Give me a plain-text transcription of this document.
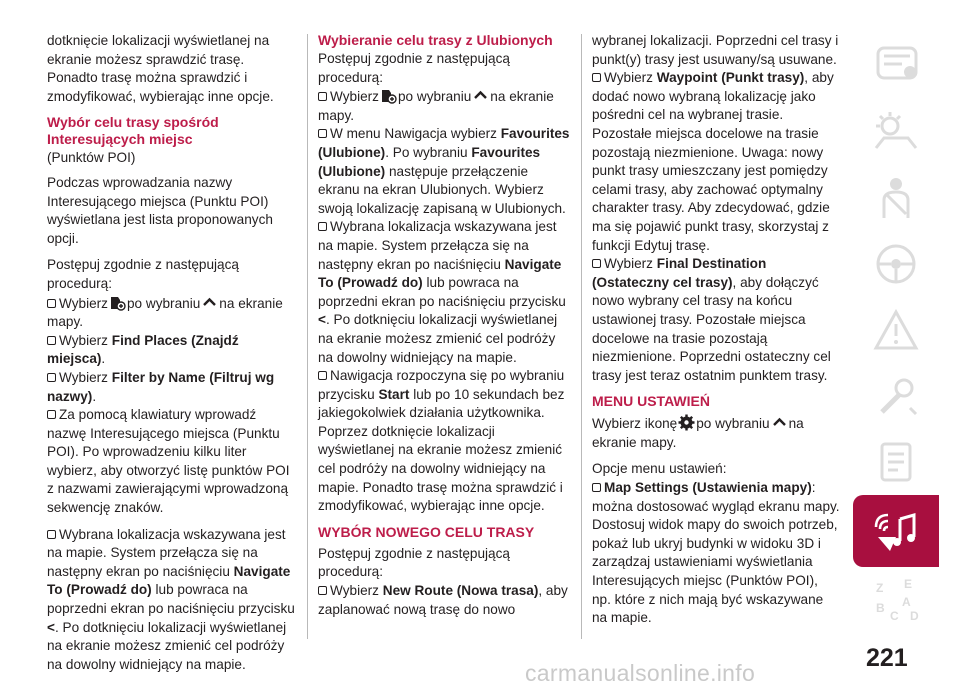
dotknięcie lokalizacji wyświetlanej na ekranie możesz sprawdzić trasę. Ponadto trasę można sprawdzić i zmodyfikować, wybierając inne opcje.

Wybór celu trasy spośród Interesujących miejsc

(Punktów POI)

Podczas wprowadzania nazwy Interesującego miejsca (Punktu POI) wyświetlana jest lista proponowanych opcji.

Postępuj zgodnie z następującą procedurą:

Wybierz po wybraniu na ekranie mapy.
Wybierz Find Places (Znajdź miejsca).
Wybierz Filter by Name (Filtruj wg nazwy).

Za pomocą klawiatury wprowadź nazwę Interesującego miejsca (Punktu POI). Po wprowadzeniu kilku liter wybierz, aby otworzyć listę punktów POI z nazwami zawierającymi wprowadzoną sekwencję znaków.

Wybrana lokalizacja wskazywana jest na mapie. System przełącza się na następny ekran po naciśnięciu Navigate To (Prowadź do) lub powraca na poprzedni ekran po naciśnięciu przycisku <. Po dotknięciu lokalizacji wyświetlanej na ekranie możesz zmienić cel podróży na dowolny widniejący na mapie.

Wybieranie celu trasy z Ulubionych

Postępuj zgodnie z następującą procedurą:

Wybierz po wybraniu na ekranie mapy.
W menu Nawigacja wybierz Favourites (Ulubione). Po wybraniu Favourites (Ulubione) następuje przełączenie ekranu na ekran Ulubionych. Wybierz swoją lokalizację zapisaną w Ulubionych.
Wybrana lokalizacja wskazywana jest na mapie. System przełącza się na następny ekran po naciśnięciu Navigate To (Prowadź do) lub powraca na poprzedni ekran po naciśnięciu przycisku <. Po dotknięciu lokalizacji wyświetlanej na ekranie możesz zmienić cel podróży na dowolny widniejący na mapie.

Nawigacja rozpoczyna się po wybraniu przycisku Start lub po 10 sekundach bez jakiegokolwiek działania użytkownika. Poprzez dotknięcie lokalizacji wyświetlanej na ekranie możesz zmienić cel podróży na dowolny widniejący na mapie. Ponadto trasę można sprawdzić i zmodyfikować, wybierając inne opcje.

WYBÓR NOWEGO CELU TRASY

Postępuj zgodnie z następującą procedurą:

Wybierz New Route (Nowa trasa), aby zaplanować nową trasę do nowo

wybranej lokalizacji. Poprzedni cel trasy i punkt(y) trasy jest usuwany/są usuwane.

Wybierz Waypoint (Punkt trasy), aby dodać nowo wybraną lokalizację jako pośredni cel na wybranej trasie. Pozostałe miejsca docelowe na trasie pozostają niezmienione. Uwaga: nowy punkt trasy umieszczany jest pomiędzy celami trasy, aby zachować optymalny charakter trasy. Aby zdecydować, gdzie ma się pojawić punkt trasy, skorzystaj z funkcji Edytuj trasę.
Wybierz Final Destination (Ostateczny cel trasy), aby dołączyć nowo wybrany cel trasy na końcu ustawionej trasy. Pozostałe miejsca docelowe na trasie pozostają niezmienione. Poprzedni ostateczny cel trasy jest teraz ostatnim punktem trasy.
MENU USTAWIEŃ

Wybierz ikonę po wybraniu na ekranie mapy.

Opcje menu ustawień:

Map Settings (Ustawienia mapy): można dostosować wygląd ekranu mapy. Dostosuj widok mapy do swoich potrzeb, pokaż lub ukryj budynki w widoku 3D i zarządzaj ustawieniami wyświetlania Interesujących miejsc (Punktów POI), np. które z nich mają być wskazywane na mapie.
Z E
B
C
A
D
221
carmanualsonline.info
